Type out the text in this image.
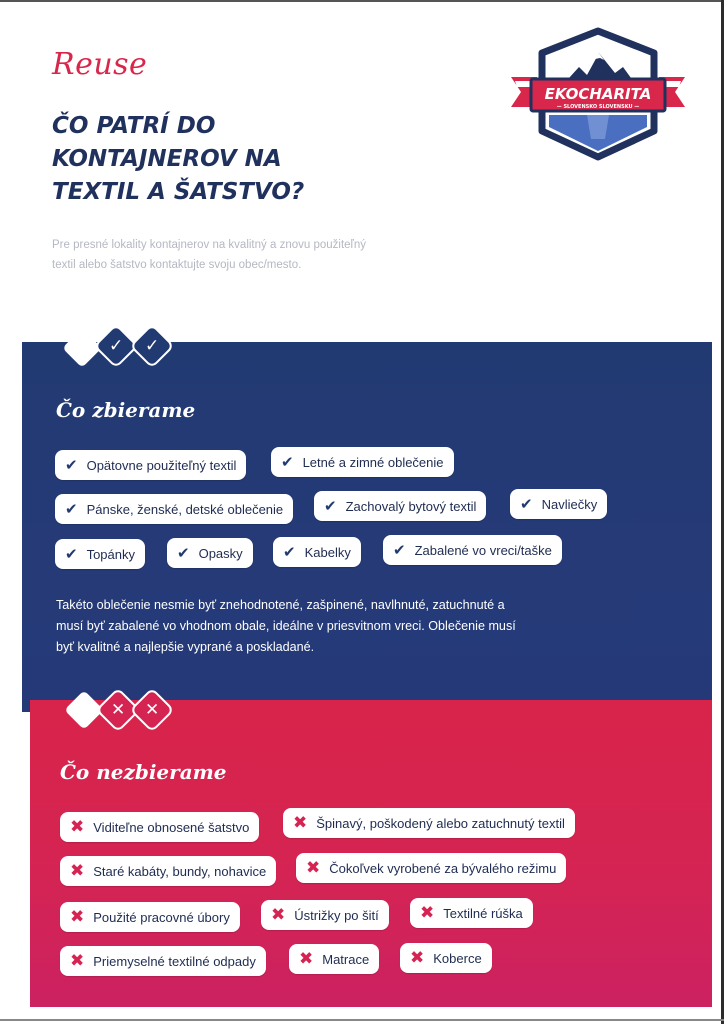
Reuse
ČO PATRÍ DO
KONTAJNEROV NA
TEXTIL A ŠATSTVO?
Pre presné lokality kontajnerov na kvalitný a znovu použiteľný
textil alebo šatstvo kontaktujte svoju obec/mesto.
EKOCHARITA
— SLOVENSKO SLOVENSKU —
✓ ✓
Čo zbierame
✔ Opätovne použiteľný textil	✔ Letné a zimné oblečenie
✔ Pánske, ženské, detské oblečenie	✔ Zachovalý bytový textil	✔ Navliečky
✔ Topánky	✔ Opasky	✔ Kabelky	✔ Zabalené vo vreci/taške
Takéto oblečenie nesmie byť znehodnotené, zašpinené, navlhnuté, zatuchnuté a
musí byť zabalené vo vhodnom obale, ideálne v priesvitnom vreci. Oblečenie musí
byť kvalitné a najlepšie vyprané a poskladané.
✕ ✕
Čo nezbierame
✖ Viditeľne obnosené šatstvo	✖ Špinavý, poškodený alebo zatuchnutý textil
✖ Staré kabáty, bundy, nohavice ✖ Čokoľvek vyrobené za bývalého režimu
✖ Použité pracovné úbory ✖ Ústrižky po šití ✖ Textilné rúška
✖ Priemyselné textilné odpady	✖ Matrace ✖ Koberce
